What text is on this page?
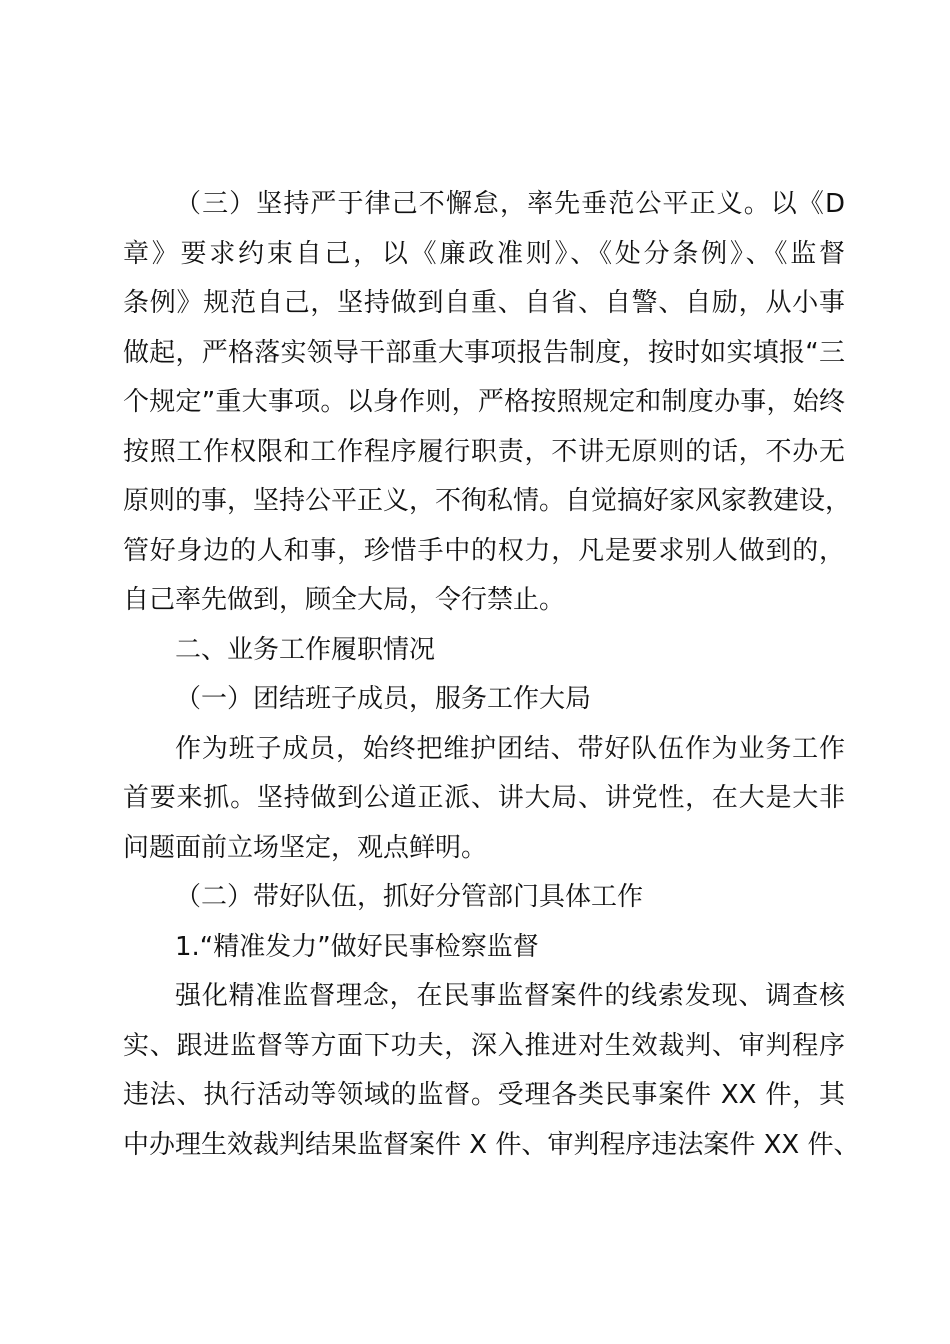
（三）坚持严于律己不懈怠，率先垂范公平正义。以《D
章》要求约束自己，以《廉政准则》、《处分条例》、《监督
条例》规范自己，坚持做到自重、自省、自警、自励，从小事
做起，严格落实领导干部重大事项报告制度，按时如实填报“三
个规定”重大事项。以身作则，严格按照规定和制度办事，始终
按照工作权限和工作程序履行职责，不讲无原则的话，不办无
原则的事，坚持公平正义，不徇私情。自觉搞好家风家教建设，
管好身边的人和事，珍惜手中的权力，凡是要求别人做到的，
自己率先做到，顾全大局，令行禁止。
二、业务工作履职情况
（一）团结班子成员，服务工作大局
作为班子成员，始终把维护团结、带好队伍作为业务工作
首要来抓。坚持做到公道正派、讲大局、讲党性，在大是大非
问题面前立场坚定，观点鲜明。
（二）带好队伍，抓好分管部门具体工作
1.“精准发力”做好民事检察监督
强化精准监督理念，在民事监督案件的线索发现、调查核
实、跟进监督等方面下功夫，深入推进对生效裁判、审判程序
违法、执行活动等领域的监督。受理各类民事案件 XX 件，其
中办理生效裁判结果监督案件 X 件、审判程序违法案件 XX 件、
